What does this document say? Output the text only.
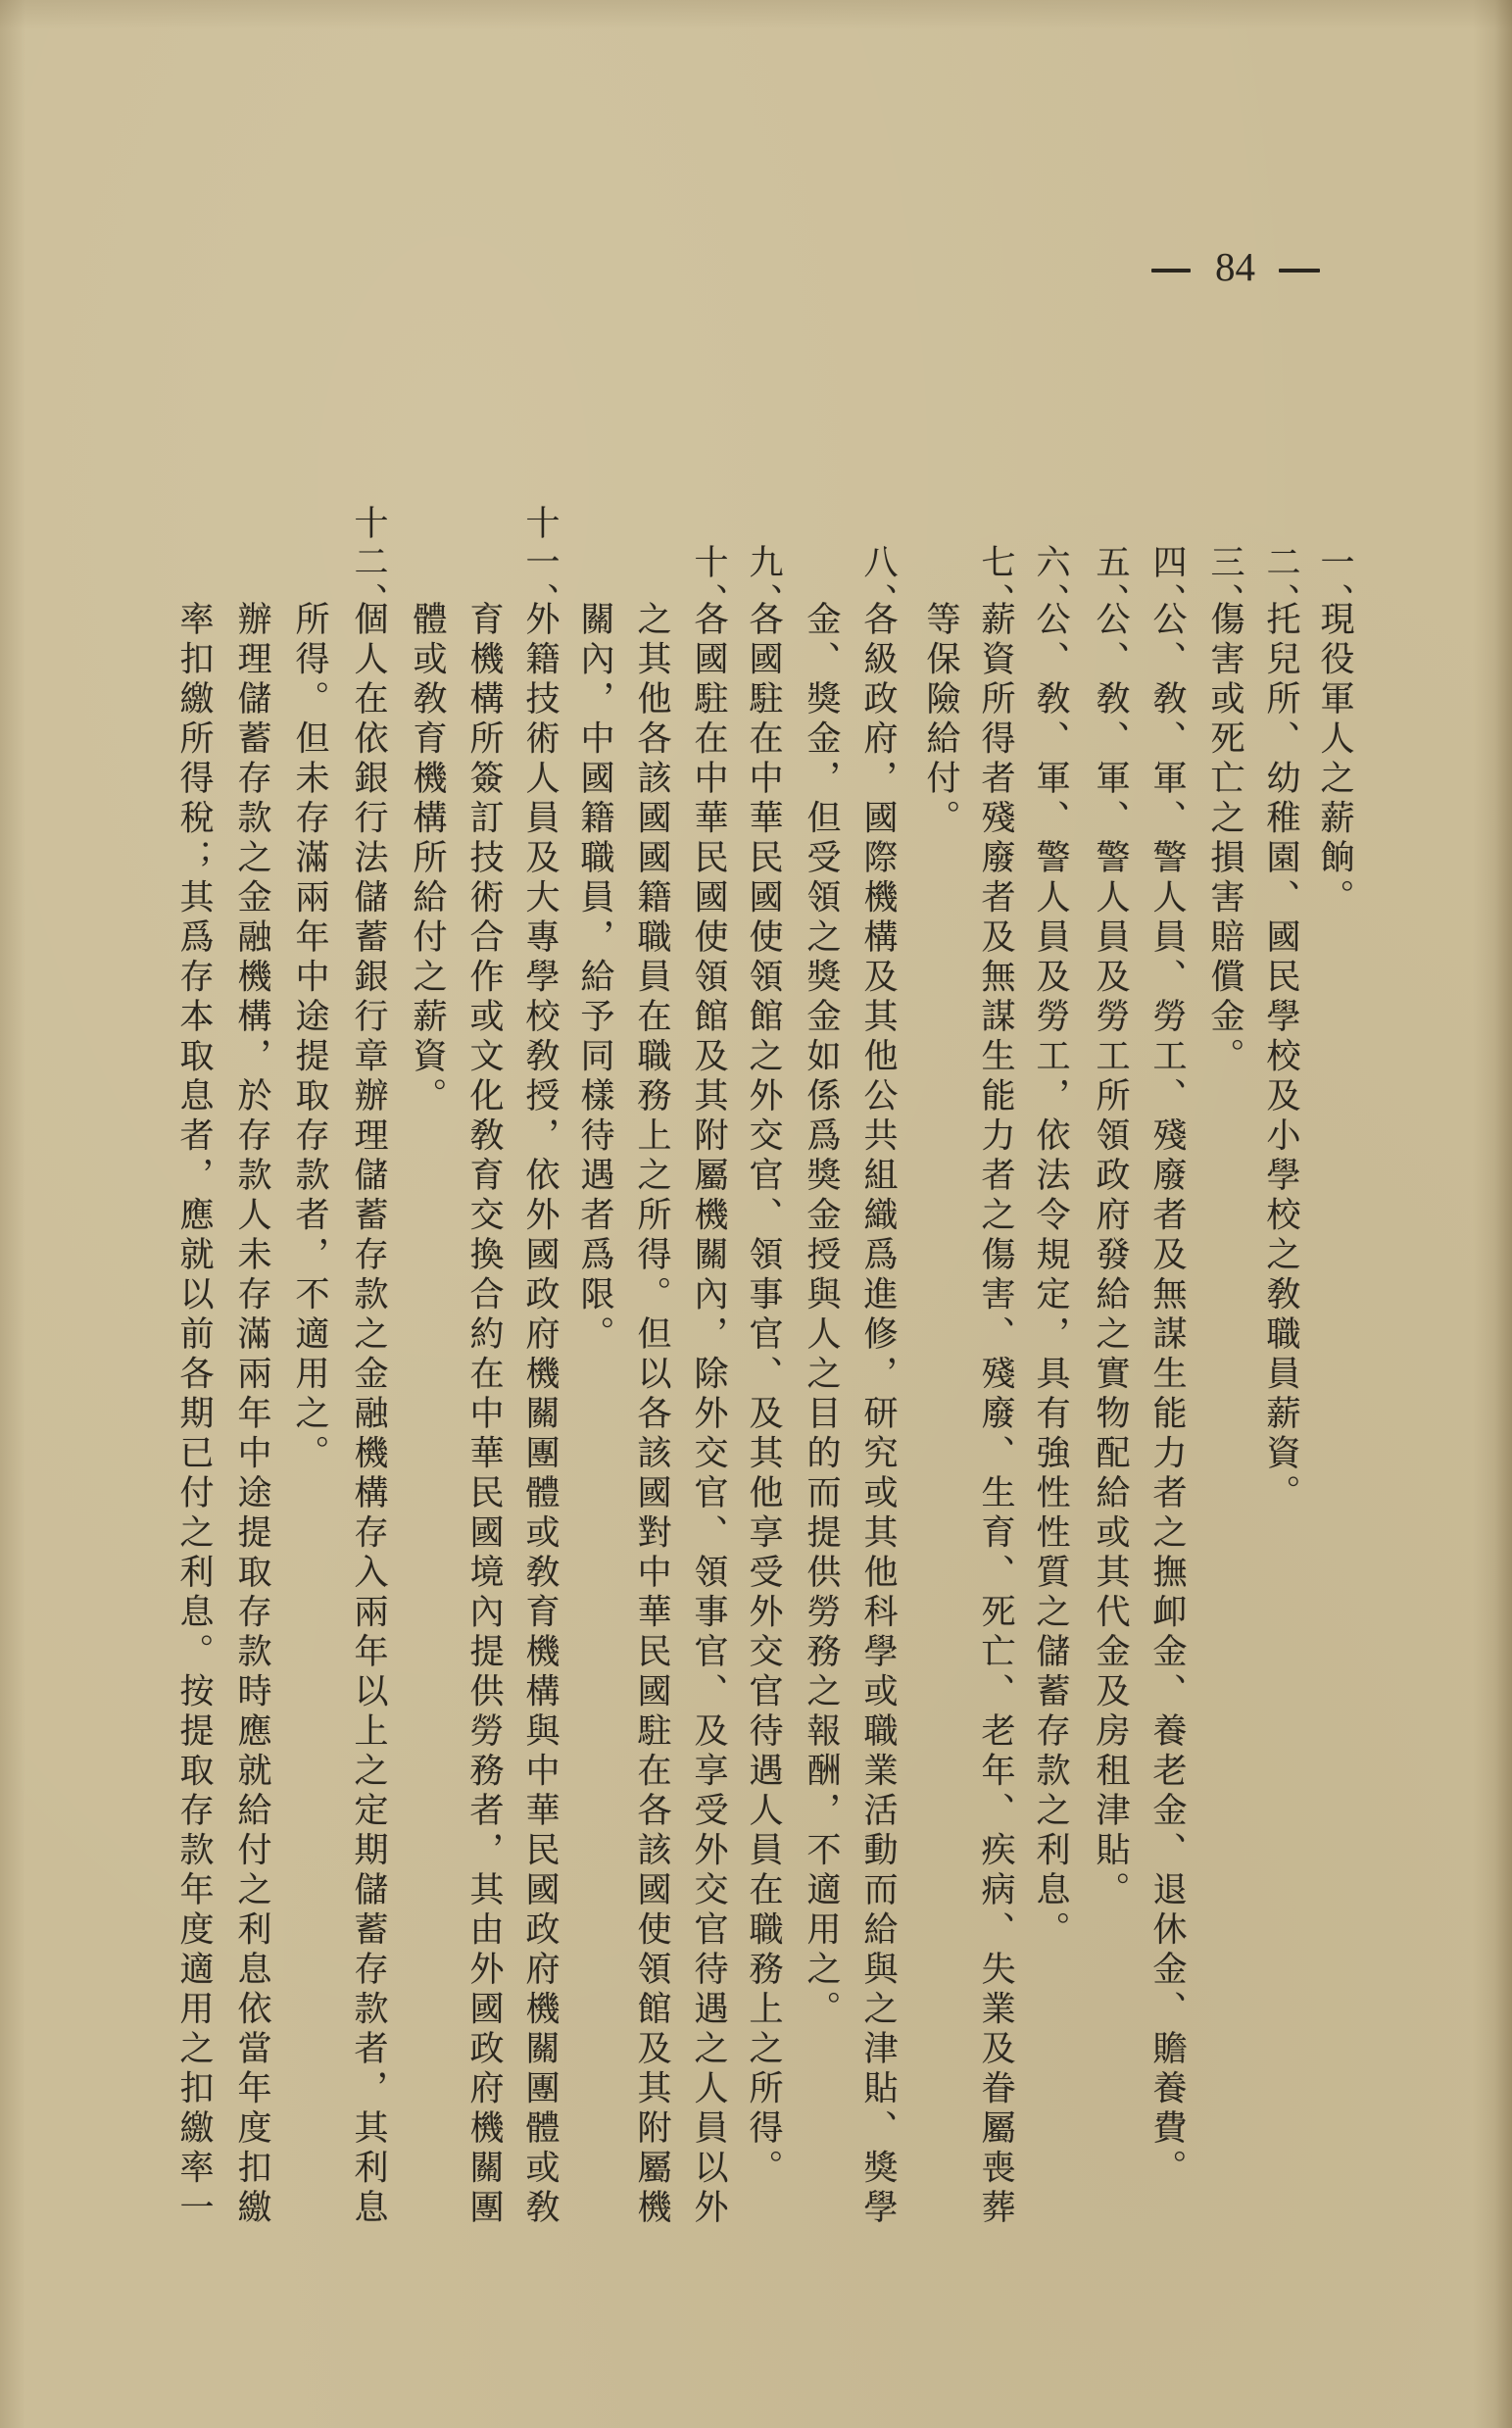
84
一、
現役軍人之薪餉。
二、
托兒所、幼稚園、國民學校及小學校之敎職員薪資。
三、
傷害或死亡之損害賠償金。
四、
公、敎、軍、警人員、勞工、殘廢者及無謀生能力者之撫卹金、養老金、退休金、贍養費。
五、
公、敎、軍、警人員及勞工所領政府發給之實物配給或其代金及房租津貼。
六、
公、敎、軍、警人員及勞工，依法令規定，具有強性性質之儲蓄存款之利息。
七、
薪資所得者殘廢者及無謀生能力者之傷害、殘廢、生育、死亡、老年、疾病、失業及眷屬喪葬
等保險給付。
八、
各級政府，國際機構及其他公共組織爲進修，研究或其他科學或職業活動而給與之津貼、獎學
金、獎金，但受領之獎金如係爲獎金授與人之目的而提供勞務之報酬，不適用之。
九、
各國駐在中華民國使領館之外交官、領事官、及其他享受外交官待遇人員在職務上之所得。
十、
各國駐在中華民國使領館及其附屬機關內，除外交官、領事官、及享受外交官待遇之人員以外
之其他各該國國籍職員在職務上之所得。但以各該國對中華民國駐在各該國使領館及其附屬機
關內，中國籍職員，給予同樣待遇者爲限。
十一、
外籍技術人員及大專學校敎授，依外國政府機關團體或敎育機構與中華民國政府機關團體或敎
育機構所簽訂技術合作或文化敎育交換合約在中華民國境內提供勞務者，其由外國政府機關團
體或敎育機構所給付之薪資。
十二、
個人在依銀行法儲蓄銀行章辦理儲蓄存款之金融機構存入兩年以上之定期儲蓄存款者，其利息
所得。但未存滿兩年中途提取存款者，不適用之。
辦理儲蓄存款之金融機構，於存款人未存滿兩年中途提取存款時應就給付之利息依當年度扣繳
率扣繳所得稅；其爲存本取息者，應就以前各期已付之利息。按提取存款年度適用之扣繳率一
